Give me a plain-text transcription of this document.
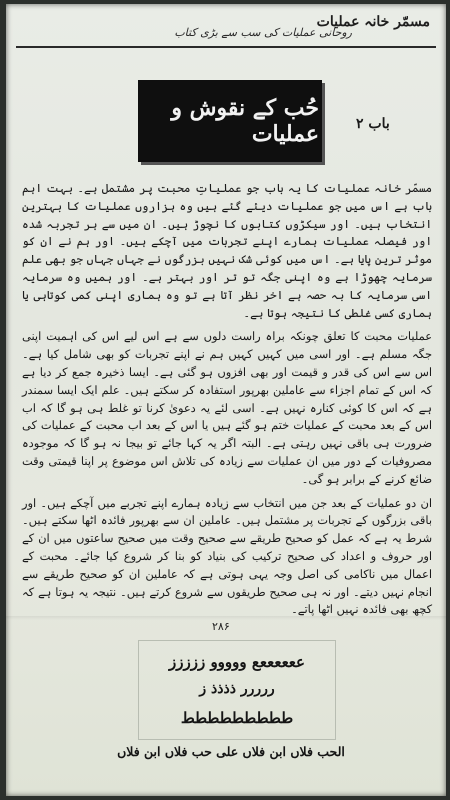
مسمّر خانہ عملیات
روحانی عملیات کی سب سے بڑی کتاب
حُب کے نقوش و عملیات	باب ۲

مسمّر خانہ عملیات کا یہ باب جو عملیاتِ محبت پر مشتمل ہے۔ بہت اہم باب ہے اس میں جو عملیات دیئے گئے ہیں وہ ہزاروں عملیات کا بہترین انتخاب ہیں۔ اور سیکڑوں کتابوں کا نچوڑ ہیں۔ ان میں سے ہر تجربہ شدہ اور فیصلہ عملیات ہمارے اپنے تجربات میں آچکے ہیں۔ اور ہم نے ان کو موثر ترین پایا ہے۔ اس میں کوئی شک نہیں بزرگوں نے جہاں جہاں جو بھی علم سرمایہ چھوڑا ہے وہ اپنی جگہ تو تر اور بہتر ہے۔ اور ہمیں وہ سرمایہ اسی سرمایہ کا بہ حصہ ہے اخر نظر آتا ہے تو وہ ہماری اپنی کمی کوتاہی یا ہماری کسی غلطی کا نتیجہ ہوتا ہے۔

عملیات محبت کا تعلق چونکہ براہ راست دلوں سے ہے اس لیے اس کی اہمیت اپنی جگہ مسلم ہے۔ اور اسی میں کہیں کہیں ہم نے اپنے تجربات کو بھی شامل کیا ہے۔ اس سے اس کی قدر و قیمت اور بھی افزوں ہو گئی ہے۔ ایسا ذخیرہ جمع کر دیا ہے کہ اس کے تمام اجزاء سے عاملین بھرپور استفادہ کر سکتے ہیں۔ علم ایک ایسا سمندر ہے کہ اس کا کوئی کنارہ نہیں ہے۔ اسی لئے یہ دعویٰ کرنا تو غلط ہی ہو گا کہ اب اس کے بعد محبت کے عملیات ختم ہو گئے ہیں یا اس کے بعد اب محبت کے عملیات کی ضرورت ہی باقی نہیں رہتی ہے۔ البتہ اگر یہ کہا جائے تو بیجا نہ ہو گا کہ موجودہ مصروفیات کے دور میں ان عملیات سے زیادہ کی تلاش اس موضوع پر اپنا قیمتی وقت ضائع کرنے کے برابر ہو گی۔

ان دو عملیات کے بعد جن میں انتخاب سے زیادہ ہمارے اپنے تجربے میں آچکے ہیں۔ اور باقی بزرگوں کے تجربات پر مشتمل ہیں۔ عاملین ان سے بھرپور فائدہ اٹھا سکتے ہیں۔ شرط یہ ہے کہ عمل کو صحیح طریقے سے صحیح وقت میں صحیح ساعتوں میں ان کے اور حروف و اعداد کی صحیح ترکیب کی بنیاد کو بنا کر شروع کیا جائے۔ محبت کے اعمال میں ناکامی کی اصل وجہ یہی ہوتی ہے کہ عاملین ان کو صحیح طریقے سے انجام نہیں دیتے۔ اور نہ ہی صحیح طریقوں سے شروع کرتے ہیں۔ نتیجہ یہ ہوتا ہے کہ کچھ بھی فائدہ نہیں اٹھا پاتے۔

۲۸۶
ععععععع ووووو ززززز
ررررر ذذذذ ز
ططططططططط
الحب فلاں ابن فلاں علی حب فلاں ابن فلاں
